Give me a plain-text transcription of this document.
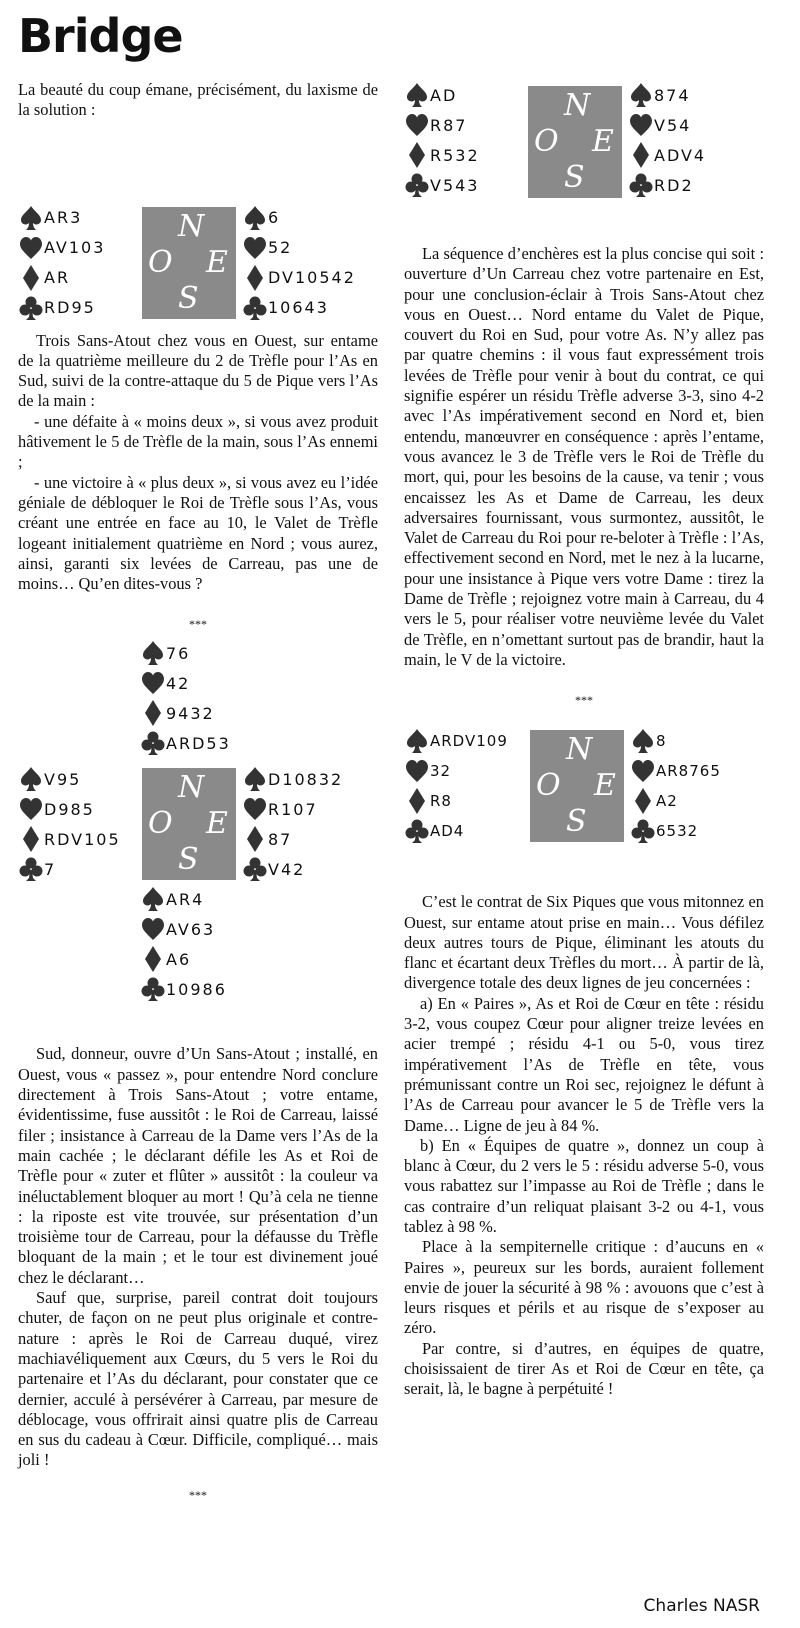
Bridge

La beauté du coup émane, précisément, du laxisme de la solution :

AR3
AV103
AR
RD95
N
O E
S
6
52
DV10542
10643

Trois Sans-Atout chez vous en Ouest, sur entame de la quatrième meilleure du 2 de Trèfle pour l’As en Sud, suivi de la contre-attaque du 5 de Pique vers l’As de la main :

- une défaite à « moins deux », si vous avez produit hâtivement le 5 de Trèfle de la main, sous l’As ennemi ;

- une victoire à « plus deux », si vous avez eu l’idée géniale de débloquer le Roi de Trèfle sous l’As, vous créant une entrée en face au 10, le Valet de Trèfle logeant initialement quatrième en Nord ; vous aurez, ainsi, garanti six levées de Carreau, pas une de moins… Qu’en dites-vous ?

***

76
42
9432
ARD53
V95
D985
RDV105
7
N
O E
S
D10832
R107
87
V42
AR4
AV63
A6
10986

Sud, donneur, ouvre d’Un Sans-Atout ; installé, en Ouest, vous « passez », pour entendre Nord conclure directement à Trois Sans-Atout ; votre entame, évidentissime, fuse aussitôt : le Roi de Carreau, laissé filer ; insistance à Carreau de la Dame vers l’As de la main cachée ; le déclarant défile les As et Roi de Trèfle pour « zuter et flûter » aussitôt : la couleur va inéluctablement bloquer au mort ! Qu’à cela ne tienne : la riposte est vite trouvée, sur présentation d’un troisième tour de Carreau, pour la défausse du Trèfle bloquant de la main ; et le tour est divinement joué chez le déclarant…

Sauf que, surprise, pareil contrat doit toujours chuter, de façon on ne peut plus originale et contre-nature : après le Roi de Carreau duqué, virez machiavéliquement aux Cœurs, du 5 vers le Roi du partenaire et l’As du déclarant, pour constater que ce dernier, acculé à persévérer à Carreau, par mesure de déblocage, vous offrirait ainsi quatre plis de Carreau en sus du cadeau à Cœur. Difficile, compliqué… mais joli !

***

AD
R87
R532
V543
N
O E
S
874
V54
ADV4
RD2

La séquence d’enchères est la plus concise qui soit : ouverture d’Un Carreau chez votre partenaire en Est, pour une conclusion-éclair à Trois Sans-Atout chez vous en Ouest… Nord entame du Valet de Pique, couvert du Roi en Sud, pour votre As. N’y allez pas par quatre chemins : il vous faut expressément trois levées de Trèfle pour venir à bout du contrat, ce qui signifie espérer un résidu Trèfle adverse 3-3, sino 4-2 avec l’As impérativement second en Nord et, bien entendu, manœuvrer en conséquence : après l’entame, vous avancez le 3 de Trèfle vers le Roi de Trèfle du mort, qui, pour les besoins de la cause, va tenir ; vous encaissez les As et Dame de Carreau, les deux adversaires fournissant, vous surmontez, aussitôt, le Valet de Carreau du Roi pour re-beloter à Trèfle : l’As, effectivement second en Nord, met le nez à la lucarne, pour une insistance à Pique vers votre Dame : tirez la Dame de Trèfle ; rejoignez votre main à Carreau, du 4 vers le 5, pour réaliser votre neuvième levée du Valet de Trèfle, en n’omettant surtout pas de brandir, haut la main, le V de la victoire.

***

ARDV109
32
R8
AD4
N
O E
S
8
AR8765
A2
6532

C’est le contrat de Six Piques que vous mitonnez en Ouest, sur entame atout prise en main… Vous défilez deux autres tours de Pique, éliminant les atouts du flanc et écartant deux Trèfles du mort… À partir de là, divergence totale des deux lignes de jeu concernées :

a) En « Paires », As et Roi de Cœur en tête : résidu 3-2, vous coupez Cœur pour aligner treize levées en acier trempé ; résidu 4-1 ou 5-0, vous tirez impérativement l’As de Trèfle en tête, vous prémunissant contre un Roi sec, rejoignez le défunt à l’As de Carreau pour avancer le 5 de Trèfle vers la Dame… Ligne de jeu à 84 %.

b) En « Équipes de quatre », donnez un coup à blanc à Cœur, du 2 vers le 5 : résidu adverse 5-0, vous vous rabattez sur l’impasse au Roi de Trèfle ; dans le cas contraire d’un reliquat plaisant 3-2 ou 4-1, vous tablez à 98 %.

Place à la sempiternelle critique : d’aucuns en « Paires », peureux sur les bords, auraient follement envie de jouer la sécurité à 98 % : avouons que c’est à leurs risques et périls et au risque de s’exposer au zéro.

Par contre, si d’autres, en équipes de quatre, choisissaient de tirer As et Roi de Cœur en tête, ça serait, là, le bagne à perpétuité !

Charles NASR
